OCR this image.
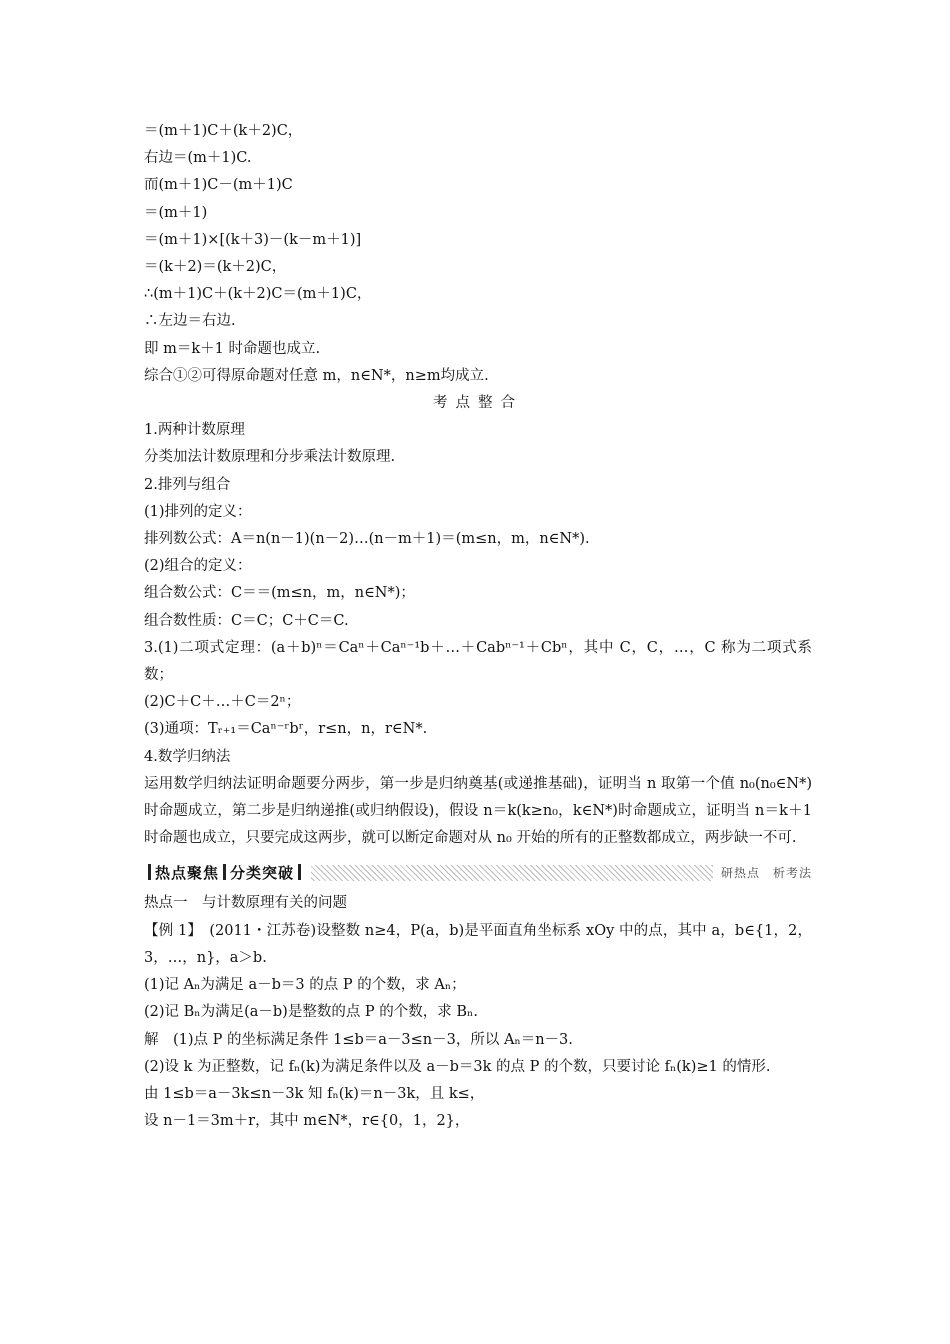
＝(m＋1)C＋(k＋2)C，
右边＝(m＋1)C.
而(m＋1)C－(m＋1)C
＝(m＋1)
＝(m＋1)×[(k＋3)－(k－m＋1)]
＝(k＋2)＝(k＋2)C，
∴(m＋1)C＋(k＋2)C＝(m＋1)C，
∴左边＝右边.
即 m＝k＋1 时命题也成立.
综合①②可得原命题对任意 m，n∈N*，n≥m均成立.
考点整合
1.两种计数原理
分类加法计数原理和分步乘法计数原理.
2.排列与组合
(1)排列的定义：
排列数公式：A＝n(n－1)(n－2)…(n－m＋1)＝(m≤n，m，n∈N*).
(2)组合的定义：
组合数公式：C＝＝(m≤n，m，n∈N*)；
组合数性质：C＝C；C＋C＝C.
3.(1)二项式定理：(a＋b)ⁿ＝Caⁿ＋Caⁿ⁻¹b＋…＋Cabⁿ⁻¹＋Cbⁿ，其中 C，C，…，C 称为二项式系数；
(2)C＋C＋…＋C＝2ⁿ；
(3)通项：Tᵣ₊₁＝Caⁿ⁻ʳbʳ，r≤n，n，r∈N*.
4.数学归纳法
运用数学归纳法证明命题要分两步，第一步是归纳奠基(或递推基础)，证明当 n 取第一个值 n₀(n₀∈N*)时命题成立，第二步是归纳递推(或归纳假设)，假设 n＝k(k≥n₀，k∈N*)时命题成立，证明当 n＝k＋1 时命题也成立，只要完成这两步，就可以断定命题对从 n₀ 开始的所有的正整数都成立，两步缺一不可.
热点聚焦 分类突破	研热点　析考法
热点一　与计数原理有关的问题
【例 1】　(2011・江苏卷)设整数 n≥4，P(a，b)是平面直角坐标系 xOy 中的点，其中 a，b∈{1，2，3，…，n}，a＞b.
(1)记 Aₙ为满足 a－b＝3 的点 P 的个数，求 Aₙ；
(2)记 Bₙ为满足(a－b)是整数的点 P 的个数，求 Bₙ.
解　(1)点 P 的坐标满足条件 1≤b＝a－3≤n－3，所以 Aₙ＝n－3.
(2)设 k 为正整数，记 fₙ(k)为满足条件以及 a－b＝3k 的点 P 的个数，只要讨论 fₙ(k)≥1 的情形.
由 1≤b＝a－3k≤n－3k 知 fₙ(k)＝n－3k，且 k≤，
设 n－1＝3m＋r，其中 m∈N*，r∈{0，1，2}，
